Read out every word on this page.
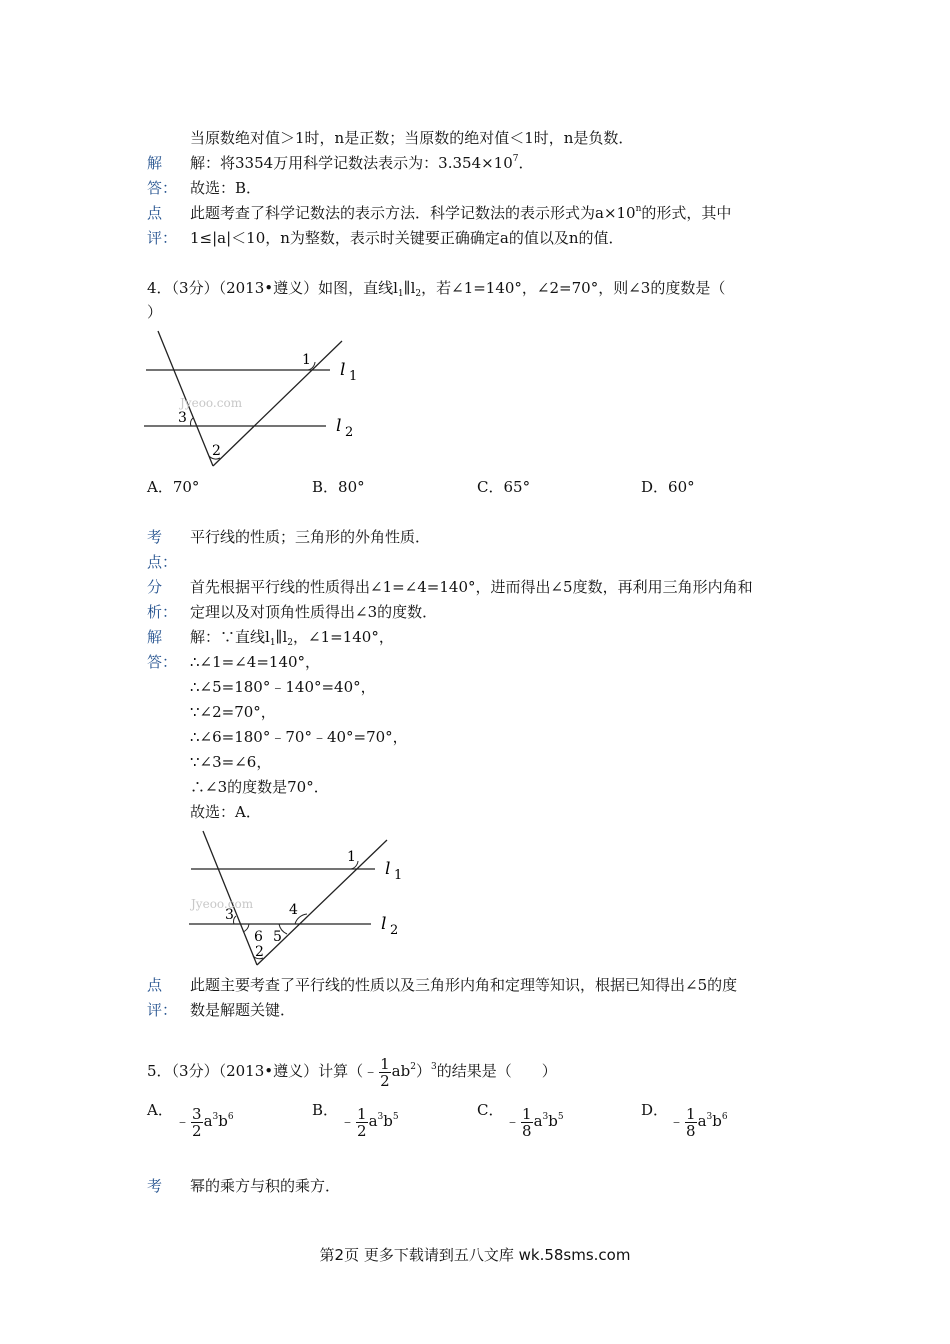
当原数绝对值＞1时，n是正数；当原数的绝对值＜1时，n是负数．
解 解：将3354万用科学记数法表示为：$3.354\times 10^7$．
答： 故选：B．
点 此题考查了科学记数法的表示方法．科学记数法的表示形式为$a\times 10^n$的形式，其中
评： 1≤|a|＜10，n为整数，表示时关键要正确确定a的值以及n的值．
4．（3分）（2013•遵义）如图，直线$l_1\parallel l_2$，若∠1=140°，∠2=70°，则∠3的度数是（
）
Jyeoo.com
1
3
2
l 1
l 2
A．70°	B．80°	C．65°	D．60°
考 平行线的性质；三角形的外角性质．
点：
分 首先根据平行线的性质得出∠1=∠4=140°，进而得出∠5度数，再利用三角形内角和
析： 定理以及对顶角性质得出∠3的度数．
解 解：∵直线$l_1\parallel l_2$，∠1=140°，
答： ∴∠1=∠4=140°，
∴∠5=180°﹣140°=40°，
∵∠2=70°，
∴∠6=180°﹣70°﹣40°=70°，
∵∠3=∠6，
∴∠3的度数是70°．
故选：A．
Jyeoo.com
1
3	4
5
6
2
l 1
l 2
点 此题主要考查了平行线的性质以及三角形内角和定理等知识，根据已知得出∠5的度
评： 数是解题关键．
5．（3分）（2013•遵义）计算（﹣ $\frac{1}{2} ab^2)^3$的结果是（　　）
A．
﹣ $\frac{3}{2} a^3b^6$	B．
﹣ $\frac{1}{2} a^3b^5$	C．
﹣ $\frac{1}{8} a^3b^5$	D．
﹣ $\frac{1}{8} a^3b^6$
考 幂的乘方与积的乘方．
第2页 更多下载请到五八文库 wk.58sms.com
